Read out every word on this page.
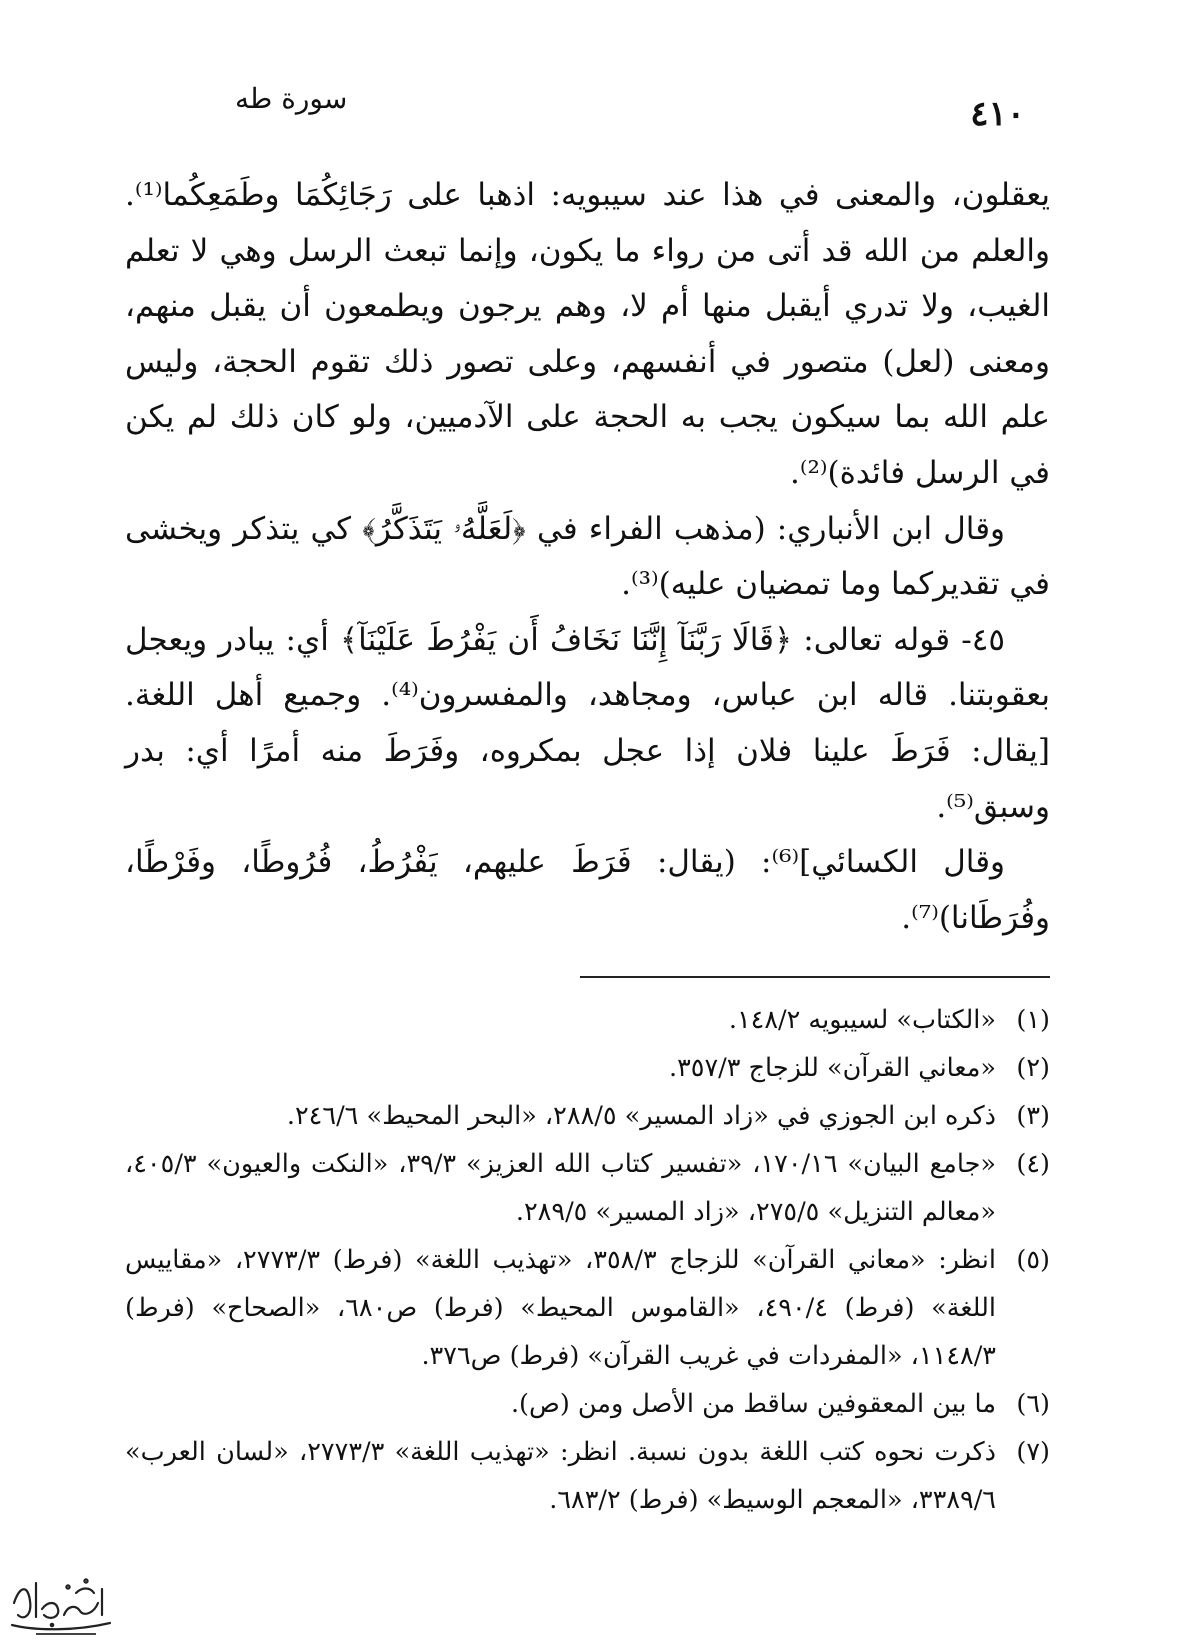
٤١٠
سورة طه

يعقلون، والمعنى في هذا عند سيبويه: اذهبا على رَجَائِكُمَا وطَمَعِكُما⁽¹⁾. والعلم من الله قد أتى من رواء ما يكون، وإنما تبعث الرسل وهي لا تعلم الغيب، ولا تدري أيقبل منها أم لا، وهم يرجون ويطمعون أن يقبل منهم، ومعنى (لعل) متصور في أنفسهم، وعلى تصور ذلك تقوم الحجة، وليس علم الله بما سيكون يجب به الحجة على الآدميين، ولو كان ذلك لم يكن في الرسل فائدة)⁽²⁾.

وقال ابن الأنباري: (مذهب الفراء في ﴿لَعَلَّهُۥ يَتَذَكَّرُ﴾ كي يتذكر ويخشى في تقديركما وما تمضيان عليه)⁽³⁾.

٤٥- قوله تعالى: ﴿قَالَا رَبَّنَآ إِنَّنَا نَخَافُ أَن يَفْرُطَ عَلَيْنَآ﴾ أي: يبادر ويعجل بعقوبتنا. قاله ابن عباس، ومجاهد، والمفسرون⁽⁴⁾. وجميع أهل اللغة. [يقال: فَرَطَ علينا فلان إذا عجل بمكروه، وفَرَطَ منه أمرًا أي: بدر وسبق⁽⁵⁾.

وقال الكسائي]⁽⁶⁾: (يقال: فَرَطَ عليهم، يَفْرُطُ، فُرُوطًا، وفَرْطًا، وفُرَطَانا)⁽⁷⁾.

(١)
«الكتاب» لسيبويه ١٤٨/٢.
(٢)
«معاني القرآن» للزجاج ٣٥٧/٣.
(٣)
ذكره ابن الجوزي في «زاد المسير» ٢٨٨/٥، «البحر المحيط» ٢٤٦/٦.
(٤)
«جامع البيان» ١٧٠/١٦، «تفسير كتاب الله العزيز» ٣٩/٣، «النكت والعيون» ٤٠٥/٣، «معالم التنزيل» ٢٧٥/٥، «زاد المسير» ٢٨٩/٥.
(٥)
انظر: «معاني القرآن» للزجاج ٣٥٨/٣، «تهذيب اللغة» (فرط) ٢٧٧٣/٣، «مقاييس اللغة» (فرط) ٤٩٠/٤، «القاموس المحيط» (فرط) ص٦٨٠، «الصحاح» (فرط) ١١٤٨/٣، «المفردات في غريب القرآن» (فرط) ص٣٧٦.
(٦)
ما بين المعقوفين ساقط من الأصل ومن (ص).
(٧)
ذكرت نحوه كتب اللغة بدون نسبة. انظر: «تهذيب اللغة» ٢٧٧٣/٣، «لسان العرب» ٣٣٨٩/٦، «المعجم الوسيط» (فرط) ٦٨٣/٢.
